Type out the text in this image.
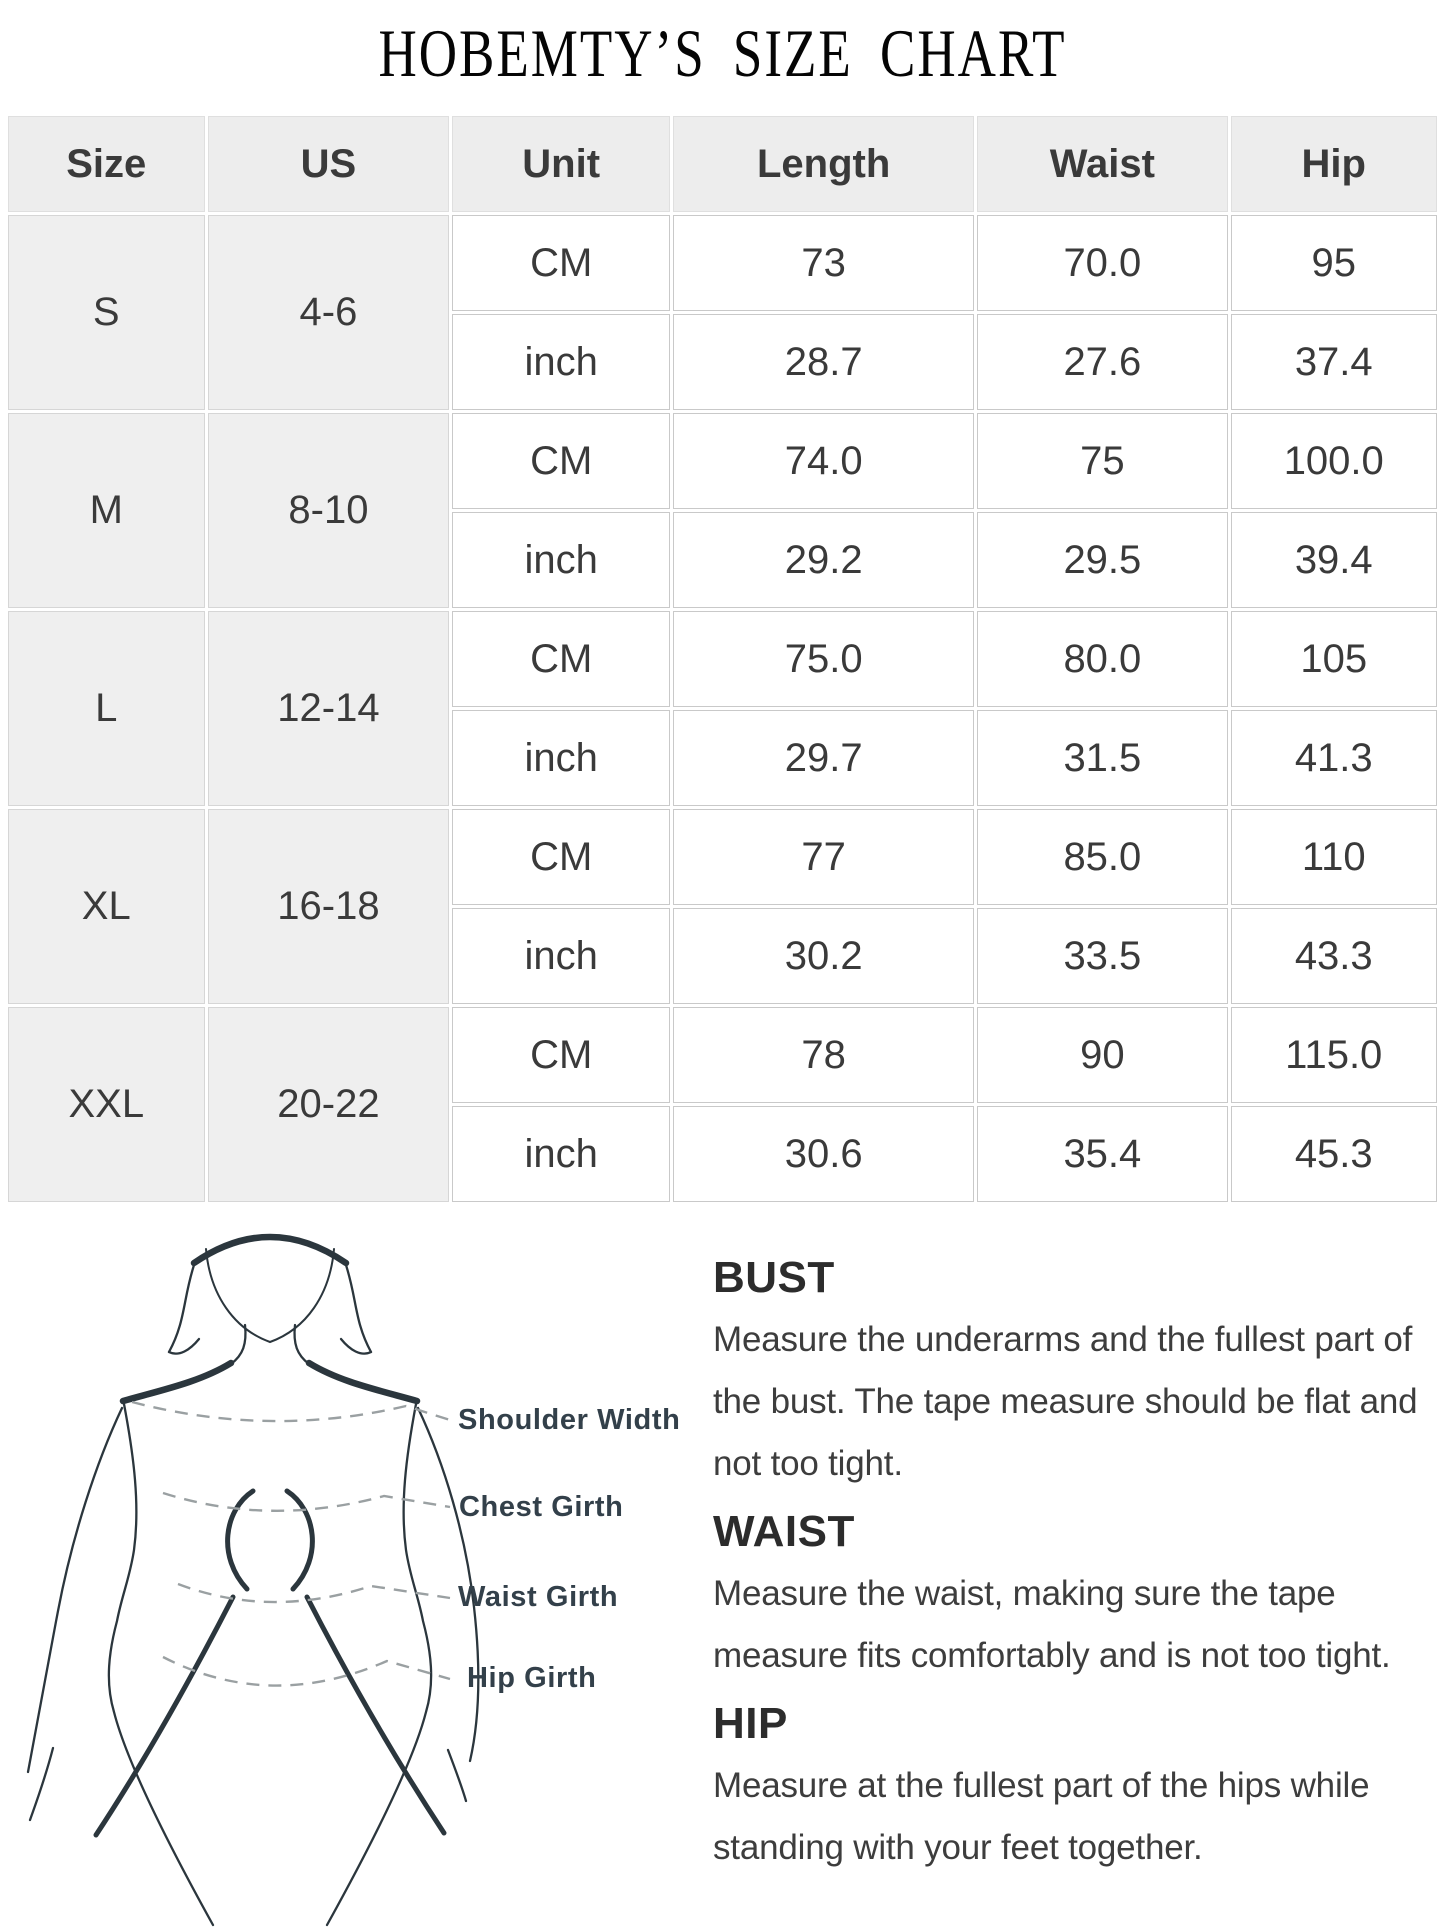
HOBEMTY’S SIZE CHART
Size	US	Unit	Length	Waist	Hip
S	4-6	CM	73	70.0	95
		inch	28.7	27.6	37.4
M	8-10	CM	74.0	75	100.0
		inch	29.2	29.5	39.4
L	12-14	CM	75.0	80.0	105
		inch	29.7	31.5	41.3
XL	16-18	CM	77	85.0	110
		inch	30.2	33.5	43.3
XXL	20-22	CM	78	90	115.0
		inch	30.6	35.4	45.3
Shoulder Width
Chest Girth
Waist Girth
Hip Girth
BUST
Measure the underarms and the fullest part of
the bust. The tape measure should be flat and
not too tight.
WAIST
Measure the waist, making sure the tape
measure fits comfortably and is not too tight.
HIP
Measure at the fullest part of the hips while
standing with your feet together.
